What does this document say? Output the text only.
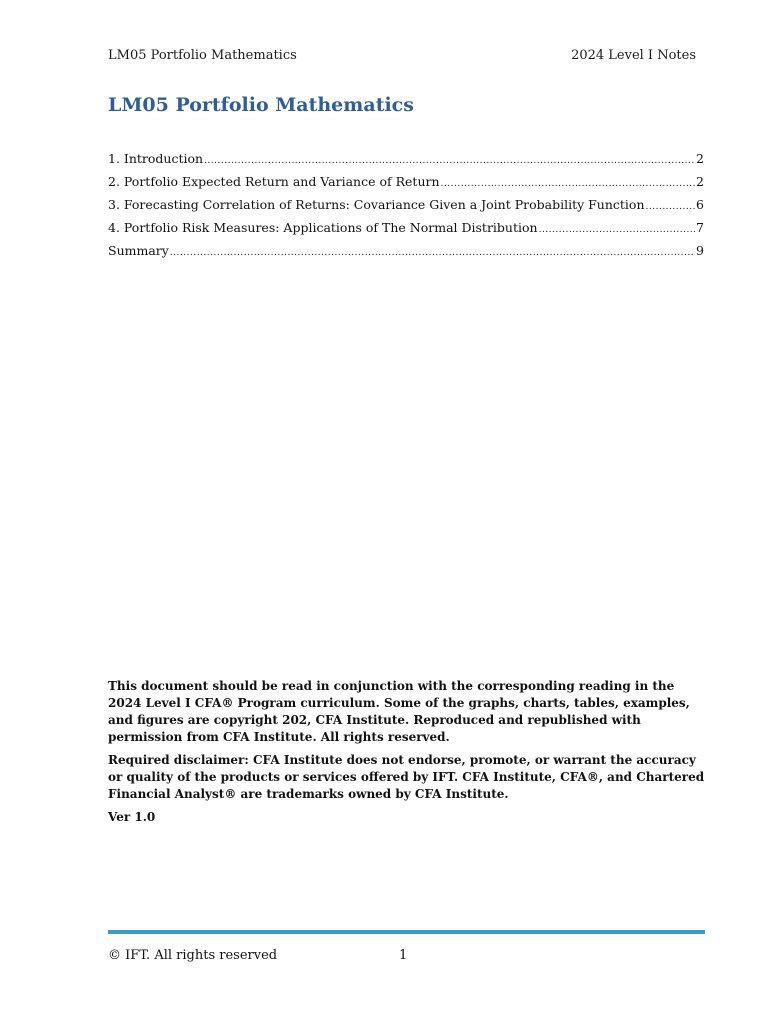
LM05 Portfolio Mathematics	2024 Level I Notes
LM05 Portfolio Mathematics
1. Introduction .....	2
2. Portfolio Expected Return and Variance of Return .....	2
3. Forecasting Correlation of Returns: Covariance Given a Joint Probability Function .....	6
4. Portfolio Risk Measures: Applications of The Normal Distribution .....	7
Summary .....	9

This document should be read in conjunction with the corresponding reading in the 2024 Level I CFA® Program curriculum. Some of the graphs, charts, tables, examples, and figures are copyright 202, CFA Institute. Reproduced and republished with permission from CFA Institute. All rights reserved.

Required disclaimer: CFA Institute does not endorse, promote, or warrant the accuracy or quality of the products or services offered by IFT. CFA Institute, CFA®, and Chartered Financial Analyst® are trademarks owned by CFA Institute.

Ver 1.0

© IFT. All rights reserved	1
